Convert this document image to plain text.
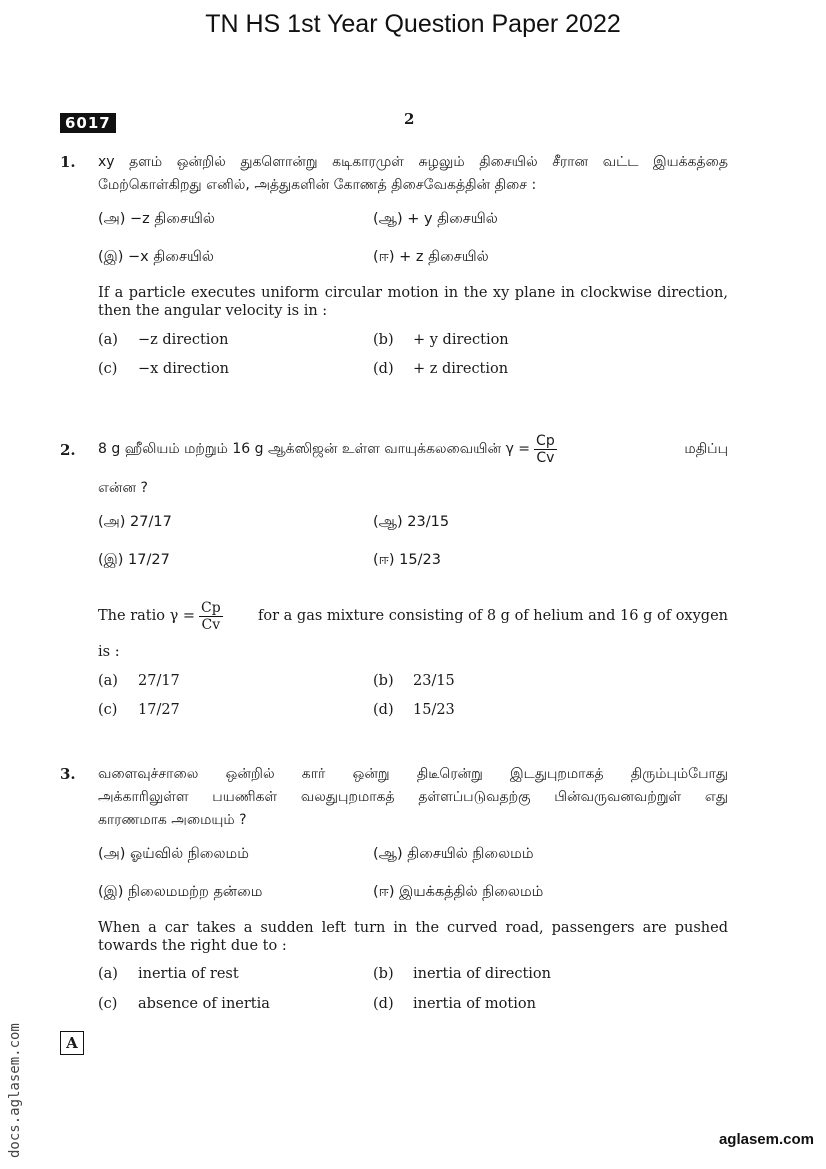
TN HS 1st Year Question Paper 2022
6017	2
1. xy தளம் ஒன்றில் துகளொன்று கடிகாரமுள் சுழலும் திசையில் சீரான வட்ட இயக்கத்தை
மேற்கொள்கிறது எனில், அத்துகளின் கோணத் திசைவேகத்தின் திசை :
(அ) −z திசையில்	(ஆ) + y திசையில்
(இ) −x திசையில்	(ஈ) + z திசையில்
If a particle executes uniform circular motion in the xy plane in clockwise direction,
then the angular velocity is in :
(a) −z direction	(b) + y direction
(c) −x direction	(d) + z direction
2. 8 g ஹீலியம் மற்றும் 16 g ஆக்ஸிஜன் உள்ள வாயுக்கலவையின் $\gamma = \frac{Cp}{Cv}$	மதிப்பு
என்ன ?
(அ) 27/17	(ஆ) 23/15
(இ) 17/27	(ஈ) 15/23
The ratio $\gamma = \frac{Cp}{Cv}$ for a gas mixture consisting of 8 g of helium and 16 g of oxygen
is :
(a) 27/17	(b) 23/15
(c) 17/27	(d) 15/23
3. வளைவுச்சாலை ஒன்றில் கார் ஒன்று திடீரென்று இடதுபுறமாகத் திரும்பும்போது
அக்காரிலுள்ள பயணிகள் வலதுபுறமாகத் தள்ளப்படுவதற்கு பின்வருவனவற்றுள் எது
காரணமாக அமையும் ?
(அ) ஓய்வில் நிலைமம்	(ஆ) திசையில் நிலைமம்
(இ) நிலைமமற்ற தன்மை	(ஈ) இயக்கத்தில் நிலைமம்
When a car takes a sudden left turn in the curved road, passengers are pushed
towards the right due to :
(a) inertia of rest	(b) inertia of direction
(c) absence of inertia	(d) inertia of motion
A
docs.aglasem.com	aglasem.com
